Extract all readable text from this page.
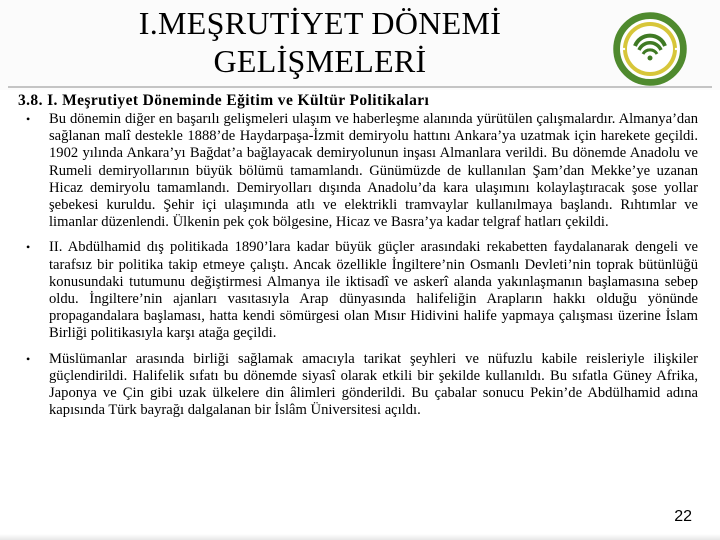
I.MEŞRUTİYET DÖNEMİ
GELİŞMELERİ
3.8. I. Meşrutiyet Döneminde Eğitim ve Kültür Politikaları
• Bu dönemin diğer en başarılı gelişmeleri ulaşım ve haberleşme alanında yürütülen çalışmalardır. Almanya’dan sağlanan malî destekle 1888’de Haydarpaşa-İzmit demiryolu hattını Ankara’ya uzatmak için harekete geçildi. 1902 yılında Ankara’yı Bağdat’a bağlayacak demiryolunun inşası Almanlara verildi. Bu dönemde Anadolu ve Rumeli demiryollarının büyük bölümü tamamlandı. Günümüzde de kullanılan Şam’dan Mekke’ye uzanan Hicaz demiryolu tamamlandı. Demiryolları dışında Anadolu’da kara ulaşımını kolaylaştıracak şose yollar şebekesi kuruldu. Şehir içi ulaşımında atlı ve elektrikli tramvaylar kullanılmaya başlandı. Rıhtımlar ve limanlar düzenlendi. Ülkenin pek çok bölgesine, Hicaz ve Basra’ya kadar telgraf hatları çekildi.
• II. Abdülhamid dış politikada 1890’lara kadar büyük güçler arasındaki rekabetten faydalanarak dengeli ve tarafsız bir politika takip etmeye çalıştı. Ancak özellikle İngiltere’nin Osmanlı Devleti’nin toprak bütünlüğü konusundaki tutumunu değiştirmesi Almanya ile iktisadî ve askerî alanda yakınlaşmanın başlamasına sebep oldu. İngiltere’nin ajanları vasıtasıyla Arap dünyasında halifeliğin Arapların hakkı olduğu yönünde propagandalara başlaması, hatta kendi sömürgesi olan Mısır Hidivini halife yapmaya çalışması üzerine İslam Birliği politikasıyla karşı atağa geçildi.
• Müslümanlar arasında birliği sağlamak amacıyla tarikat şeyhleri ve nüfuzlu kabile reisleriyle ilişkiler güçlendirildi. Halifelik sıfatı bu dönemde siyasî olarak etkili bir şekilde kullanıldı. Bu sıfatla Güney Afrika, Japonya ve Çin gibi uzak ülkelere din âlimleri gönderildi. Bu çabalar sonucu Pekin’de Abdülhamid adına kapısında Türk bayrağı dalgalanan bir İslâm Üniversitesi açıldı.
22
